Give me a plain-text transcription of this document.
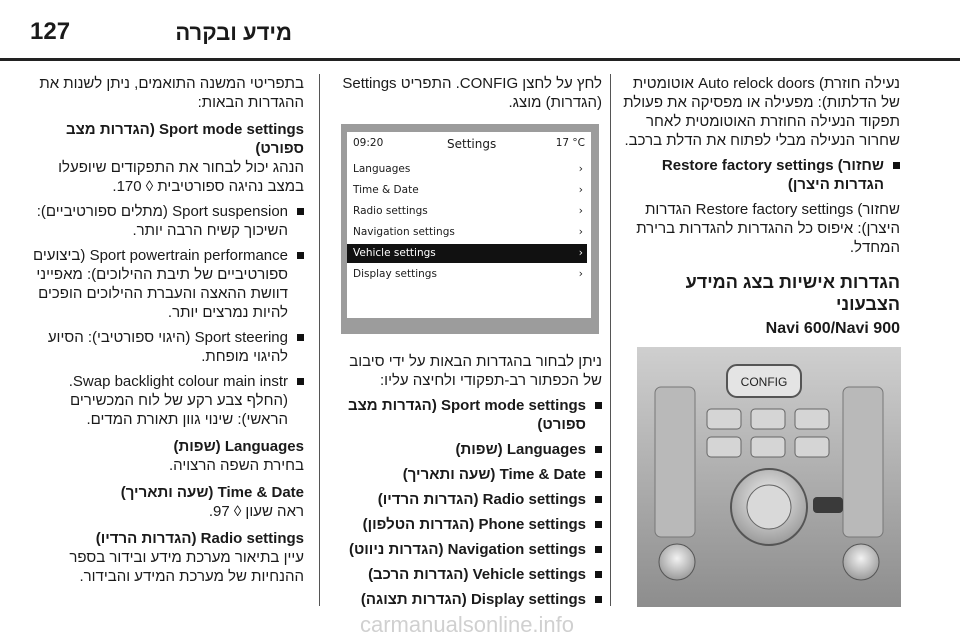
127	מידע ובקרה

נעילה חוזרת) Auto relock doors אוטומטית של הדלתות): מפעילה או מפסיקה את פעולת תפקוד הנעילה החוזרת האוטומטית לאחר שחרור הנעילה מבלי לפתוח את הדלת ברכב.

שחזור) Restore factory settings הגדרות היצרן)

שחזור) Restore factory settings הגדרות היצרן): איפוס כל ההגדרות להגדרות ברירת המחדל.

הגדרות אישיות בצג המידע הצבעוני
Navi 600/Navi 900

לחץ על לחצן CONFIG. התפריט Settings (הגדרות) מוצג.

ניתן לבחור בהגדרות הבאות על ידי סיבוב של הכפתור רב-תפקודי ולחיצה עליו:

Sport mode settings (הגדרות מצב ספורט)

Languages (שפות)

Time & Date (שעה ותאריך)

Radio settings (הגדרות הרדיו)

Phone settings (הגדרות הטלפון)

Navigation settings (הגדרות ניווט)

Vehicle settings (הגדרות הרכב)

Display settings (הגדרות תצוגה)

09:20	Settings	17 °C
Languages	›
Time & Date	›
Radio settings	›
Navigation settings	›
Vehicle settings	›
Display settings	›

בתפריטי המשנה התואמים, ניתן לשנות את ההגדרות הבאות:

Sport mode settings (הגדרות מצב ספורט)

הנהג יכול לבחור את התפקודים שיופעלו במצב נהיגה ספורטיבית ◊ 170.

Sport suspension (מתלים ספורטיביים): השיכוך קשיח הרבה יותר.

Sport powertrain performance (ביצועים ספורטיביים של תיבת ההילוכים): מאפייני דוושת ההאצה והעברת ההילוכים הופכים להיות נמרצים יותר.

Sport steering (היגוי ספורטיבי): הסיוע להיגוי מופחת.

Swap backlight colour main instr. (החלף צבע רקע של לוח המכשירים הראשי): שינוי גוון תאורת המדים.

Languages (שפות)

בחירת השפה הרצויה.

Time & Date (שעה ותאריך)

ראה שעון ◊ 97.

Radio settings (הגדרות הרדיו)

עיין בתיאור מערכת מידע ובידור בספר ההנחיות של מערכת המידע והבידור.

CONFIG
carmanualsonline.info
